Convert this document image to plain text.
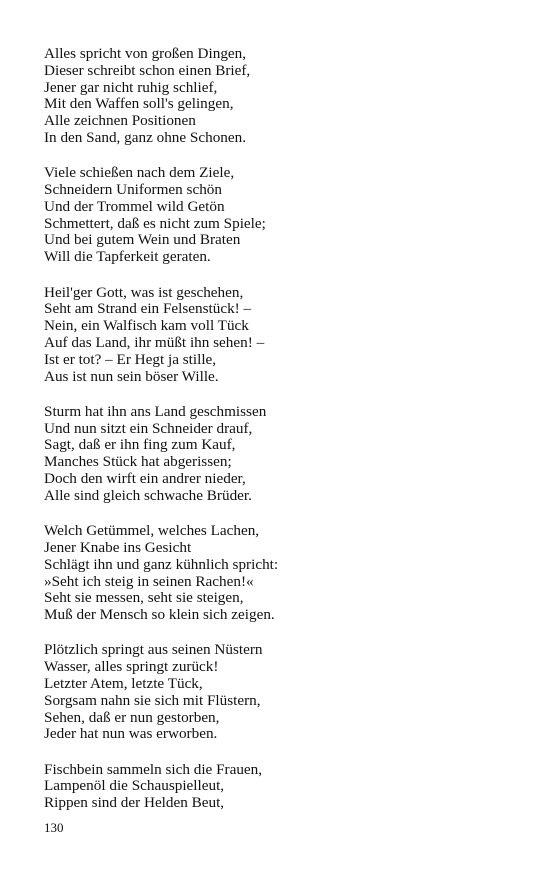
Alles spricht von großen Dingen,
Dieser schreibt schon einen Brief,
Jener gar nicht ruhig schlief,
Mit den Waffen soll's gelingen,
Alle zeichnen Positionen
In den Sand, ganz ohne Schonen.
Viele schießen nach dem Ziele,
Schneidern Uniformen schön
Und der Trommel wild Getön
Schmettert, daß es nicht zum Spiele;
Und bei gutem Wein und Braten
Will die Tapferkeit geraten.
Heil'ger Gott, was ist geschehen,
Seht am Strand ein Felsenstück! –
Nein, ein Walfisch kam voll Tück
Auf das Land, ihr müßt ihn sehen! –
Ist er tot? – Er Hegt ja stille,
Aus ist nun sein böser Wille.
Sturm hat ihn ans Land geschmissen
Und nun sitzt ein Schneider drauf,
Sagt, daß er ihn fing zum Kauf,
Manches Stück hat abgerissen;
Doch den wirft ein andrer nieder,
Alle sind gleich schwache Brüder.
Welch Getümmel, welches Lachen,
Jener Knabe ins Gesicht
Schlägt ihn und ganz kühnlich spricht:
»Seht ich steig in seinen Rachen!«
Seht sie messen, seht sie steigen,
Muß der Mensch so klein sich zeigen.
Plötzlich springt aus seinen Nüstern
Wasser, alles springt zurück!
Letzter Atem, letzte Tück,
Sorgsam nahn sie sich mit Flüstern,
Sehen, daß er nun gestorben,
Jeder hat nun was erworben.
Fischbein sammeln sich die Frauen,
Lampenöl die Schauspielleut,
Rippen sind der Helden Beut,
130
